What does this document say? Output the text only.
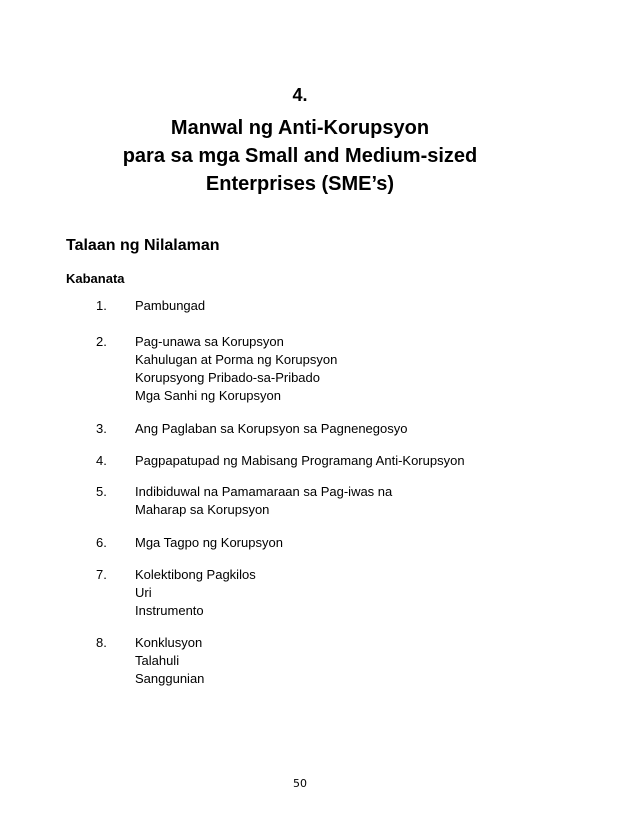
4.
Manwal ng Anti-Korupsyon
para sa mga Small and Medium-sized
Enterprises (SME’s)
Talaan ng Nilalaman
Kabanata
1. Pambungad
2. Pag-unawa sa Korupsyon
Kahulugan at Porma ng Korupsyon
Korupsyong Pribado-sa-Pribado
Mga Sanhi ng Korupsyon
3. Ang Paglaban sa Korupsyon sa Pagnenegosyo
4. Pagpapatupad ng Mabisang Programang Anti-Korupsyon
5. Indibiduwal na Pamamaraan sa Pag-iwas na
Maharap sa Korupsyon
6. Mga Tagpo ng Korupsyon
7. Kolektibong Pagkilos
Uri
Instrumento
8. Konklusyon
Talahuli
Sanggunian
50
